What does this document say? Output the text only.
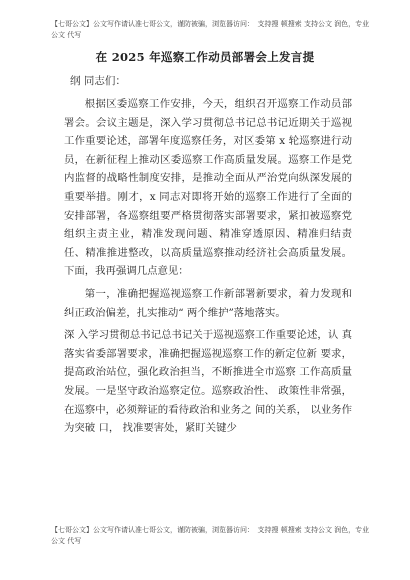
【七哥公文】公文写作请认准七哥公文，谨防被骗，浏览器访问：　支持搜 顿搜索 支持公文 润色，专业公文 代写

在 2025 年巡察工作动员部署会上发言提

纲 同志们：

根据区委巡察工作安排，今天，组织召开巡察工作动员部署会。会议主题是，深入学习贯彻总书记总书记近期关于巡视工作重要论述，部署年度巡察任务，对区委第 x 轮巡察进行动员，在新征程上推动区委巡察工作高质量发展。巡察工作是党内监督的战略性制度安排，是推动全面从严治党向纵深发展的重要举措。刚才，x 同志对即将开始的巡察工作进行了全面的安排部署，各巡察组要严格贯彻落实部署要求，紧扣被巡察党组织主责主业，精准发现问题、精准穿透原因、精准归结责任、精准推进整改，以高质量巡察推动经济社会高质量发展。下面，我再强调几点意见：

第一，准确把握巡视巡察工作新部署新要求，着力发现和纠正政治偏差，扎实推动“ 两个维护”落地落实。

深 入学习贯彻总书记总书记关于巡视巡察工作重要论述，认 真落实省委部署要求，准确把握巡视巡察工作的新定位新 要求，提高政治站位，强化政治担当，不断推进全市巡察 工作高质量发展。一是坚守政治巡察定位。巡察政治性、 政策性非常强，在巡察中，必须辩证的看待政治和业务之 间的关系， 以业务作为突破 口， 找准要害处，紧盯关键少

【七哥公文】公文写作请认准七哥公文，谨防被骗，浏览器访问：　支持搜 顿搜索 支持公文 润色，专业公文 代写
